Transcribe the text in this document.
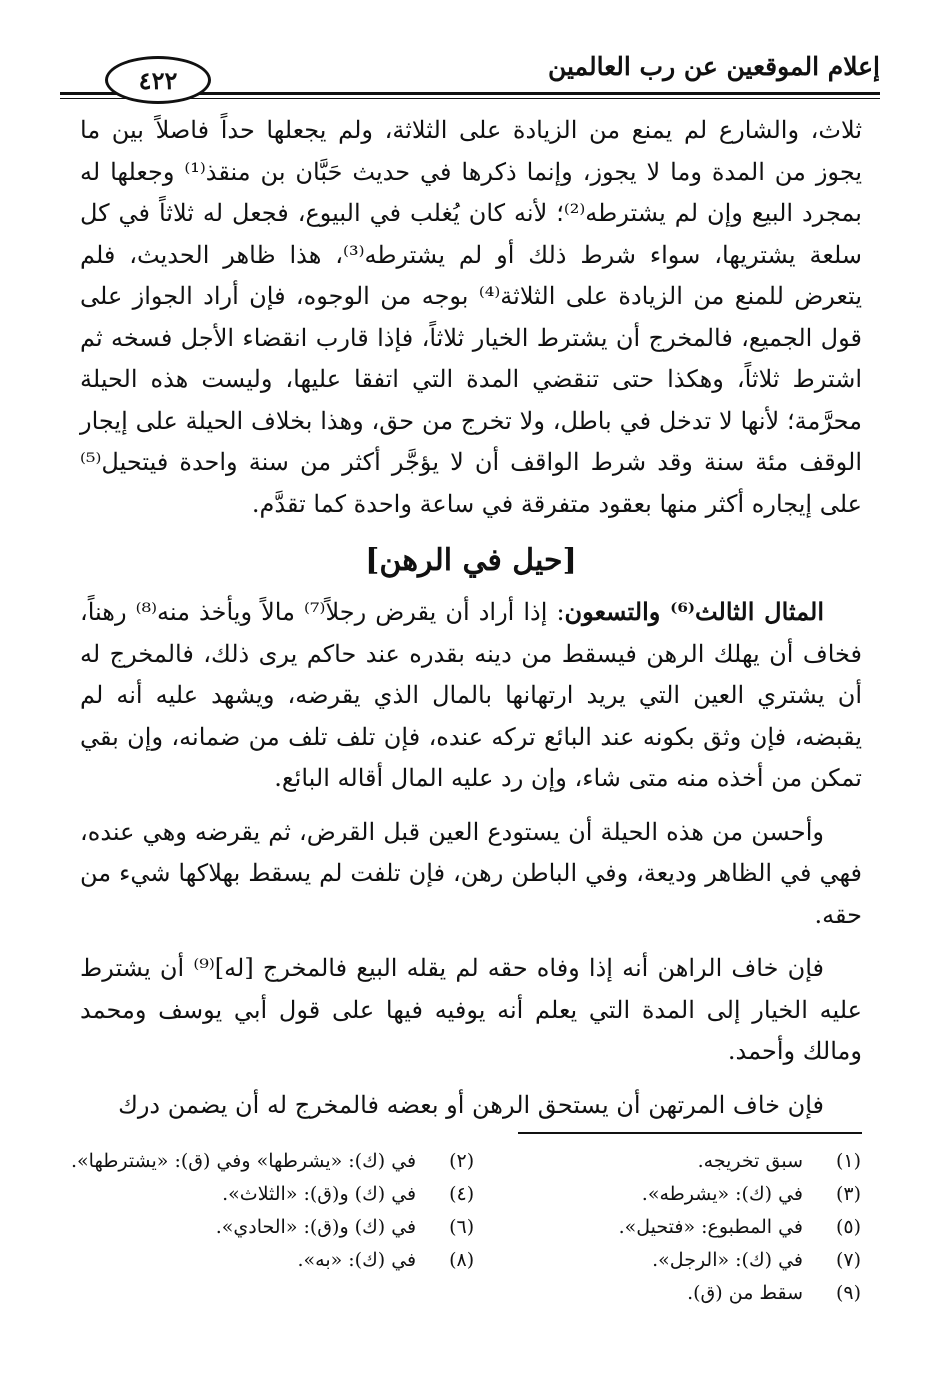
إعلام الموقعين عن رب العالمين
٤٢٢

ثلاث، والشارع لم يمنع من الزيادة على الثلاثة، ولم يجعلها حداً فاصلاً بين ما يجوز من المدة وما لا يجوز، وإنما ذكرها في حديث حَبَّان بن منقذ⁽¹⁾ وجعلها له بمجرد البيع وإن لم يشترطه⁽²⁾؛ لأنه كان يُغلب في البيوع، فجعل له ثلاثاً في كل سلعة يشتريها، سواء شرط ذلك أو لم يشترطه⁽³⁾، هذا ظاهر الحديث، فلم يتعرض للمنع من الزيادة على الثلاثة⁽⁴⁾ بوجه من الوجوه، فإن أراد الجواز على قول الجميع، فالمخرج أن يشترط الخيار ثلاثاً، فإذا قارب انقضاء الأجل فسخه ثم اشترط ثلاثاً، وهكذا حتى تنقضي المدة التي اتفقا عليها، وليست هذه الحيلة محرَّمة؛ لأنها لا تدخل في باطل، ولا تخرج من حق، وهذا بخلاف الحيلة على إيجار الوقف مئة سنة وقد شرط الواقف أن لا يؤجَّر أكثر من سنة واحدة فيتحيل⁽⁵⁾ على إيجاره أكثر منها بعقود متفرقة في ساعة واحدة كما تقدَّم.

[حيل في الرهن]

المثال الثالث⁽⁶⁾ والتسعون: إذا أراد أن يقرض رجلاً⁽⁷⁾ مالاً ويأخذ منه⁽⁸⁾ رهناً، فخاف أن يهلك الرهن فيسقط من دينه بقدره عند حاكم يرى ذلك، فالمخرج له أن يشتري العين التي يريد ارتهانها بالمال الذي يقرضه، ويشهد عليه أنه لم يقبضه، فإن وثق بكونه عند البائع تركه عنده، فإن تلف تلف من ضمانه، وإن بقي تمكن من أخذه منه متى شاء، وإن رد عليه المال أقاله البائع.

وأحسن من هذه الحيلة أن يستودع العين قبل القرض، ثم يقرضه وهي عنده، فهي في الظاهر وديعة، وفي الباطن رهن، فإن تلفت لم يسقط بهلاكها شيء من حقه.

فإن خاف الراهن أنه إذا وفاه حقه لم يقله البيع فالمخرج [له]⁽⁹⁾ أن يشترط عليه الخيار إلى المدة التي يعلم أنه يوفيه فيها على قول أبي يوسف ومحمد ومالك وأحمد.

فإن خاف المرتهن أن يستحق الرهن أو بعضه فالمخرج له أن يضمن درك

(١)
سبق تخريجه.
(٢)
في (ك): «يشرطها» وفي (ق): «يشترطها».
(٣)
في (ك): «يشرطه».
(٤)
في (ك) و(ق): «الثلاث».
(٥)
في المطبوع: «فتحيل».
(٦)
في (ك) و(ق): «الحادي».
(٧)
في (ك): «الرجل».
(٨)
في (ك): «به».
(٩)
سقط من (ق).
